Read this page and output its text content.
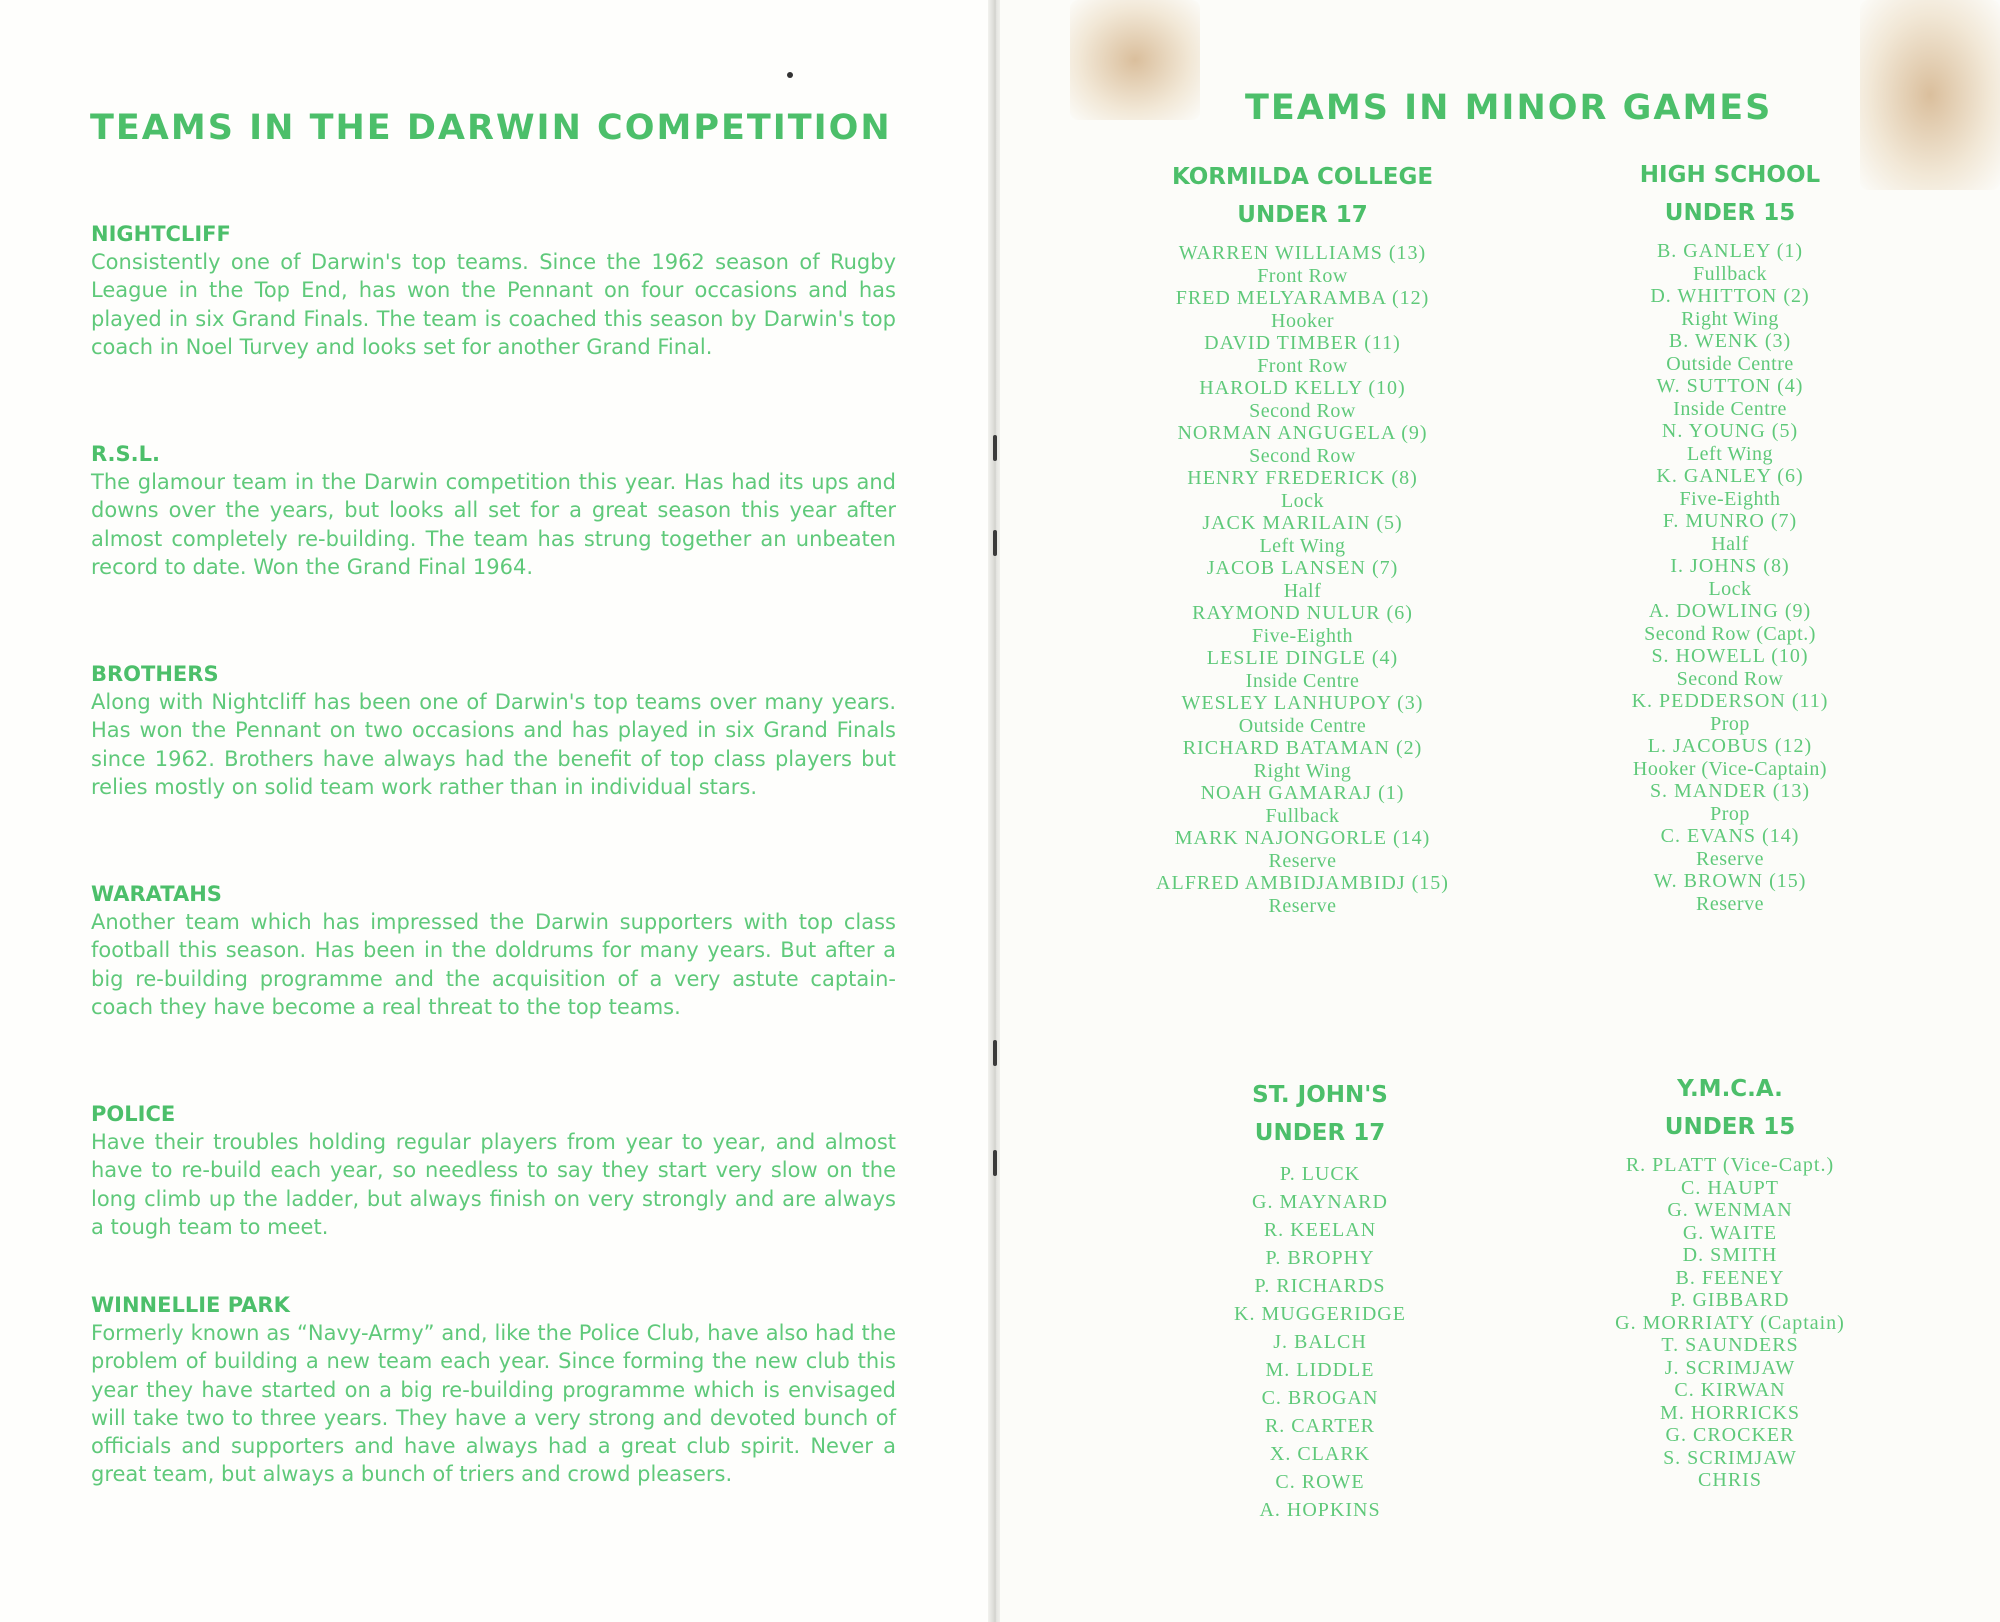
TEAMS IN THE DARWIN COMPETITION
NIGHTCLIFF

Consistently one of Darwin's top teams. Since the 1962 season of Rugby League in the Top End, has won the Pennant on four occasions and has played in six Grand Finals. The team is coached this season by Darwin's top coach in Noel Turvey and looks set for another Grand Final.

R.S.L.

The glamour team in the Darwin competition this year. Has had its ups and downs over the years, but looks all set for a great season this year after almost completely re-building. The team has strung together an unbeaten record to date. Won the Grand Final 1964.

BROTHERS

Along with Nightcliff has been one of Darwin's top teams over many years. Has won the Pennant on two occasions and has played in six Grand Finals since 1962. Brothers have always had the benefit of top class players but relies mostly on solid team work rather than in individual stars.

WARATAHS

Another team which has impressed the Darwin supporters with top class football this season. Has been in the doldrums for many years. But after a big re-building programme and the acquisition of a very astute captain-coach they have become a real threat to the top teams.

POLICE

Have their troubles holding regular players from year to year, and almost have to re-build each year, so needless to say they start very slow on the long climb up the ladder, but always finish on very strongly and are always a tough team to meet.

WINNELLIE PARK

Formerly known as “Navy-Army” and, like the Police Club, have also had the problem of building a new team each year. Since forming the new club this year they have started on a big re-building programme which is envisaged will take two to three years. They have a very strong and devoted bunch of officials and supporters and have always had a great club spirit. Never a great team, but always a bunch of triers and crowd pleasers.

TEAMS IN MINOR GAMES
KORMILDA COLLEGE
UNDER 17
WARREN WILLIAMS (13)
Front Row
FRED MELYARAMBA (12)
Hooker
DAVID TIMBER (11)
Front Row
HAROLD KELLY (10)
Second Row
NORMAN ANGUGELA (9)
Second Row
HENRY FREDERICK (8)
Lock
JACK MARILAIN (5)
Left Wing
JACOB LANSEN (7)
Half
RAYMOND NULUR (6)
Five-Eighth
LESLIE DINGLE (4)
Inside Centre
WESLEY LANHUPOY (3)
Outside Centre
RICHARD BATAMAN (2)
Right Wing
NOAH GAMARAJ (1)
Fullback
MARK NAJONGORLE (14)
Reserve
ALFRED AMBIDJAMBIDJ (15)
Reserve
HIGH SCHOOL
UNDER 15
B. GANLEY (1)
Fullback
D. WHITTON (2)
Right Wing
B. WENK (3)
Outside Centre
W. SUTTON (4)
Inside Centre
N. YOUNG (5)
Left Wing
K. GANLEY (6)
Five-Eighth
F. MUNRO (7)
Half
I. JOHNS (8)
Lock
A. DOWLING (9)
Second Row (Capt.)
S. HOWELL (10)
Second Row
K. PEDDERSON (11)
Prop
L. JACOBUS (12)
Hooker (Vice-Captain)
S. MANDER (13)
Prop
C. EVANS (14)
Reserve
W. BROWN (15)
Reserve
ST. JOHN'S
UNDER 17
P. LUCK
G. MAYNARD
R. KEELAN
P. BROPHY
P. RICHARDS
K. MUGGERIDGE
J. BALCH
M. LIDDLE
C. BROGAN
R. CARTER
X. CLARK
C. ROWE
A. HOPKINS
Y.M.C.A.
UNDER 15
R. PLATT (Vice-Capt.)
C. HAUPT
G. WENMAN
G. WAITE
D. SMITH
B. FEENEY
P. GIBBARD
G. MORRIATY (Captain)
T. SAUNDERS
J. SCRIMJAW
C. KIRWAN
M. HORRICKS
G. CROCKER
S. SCRIMJAW
CHRIS
